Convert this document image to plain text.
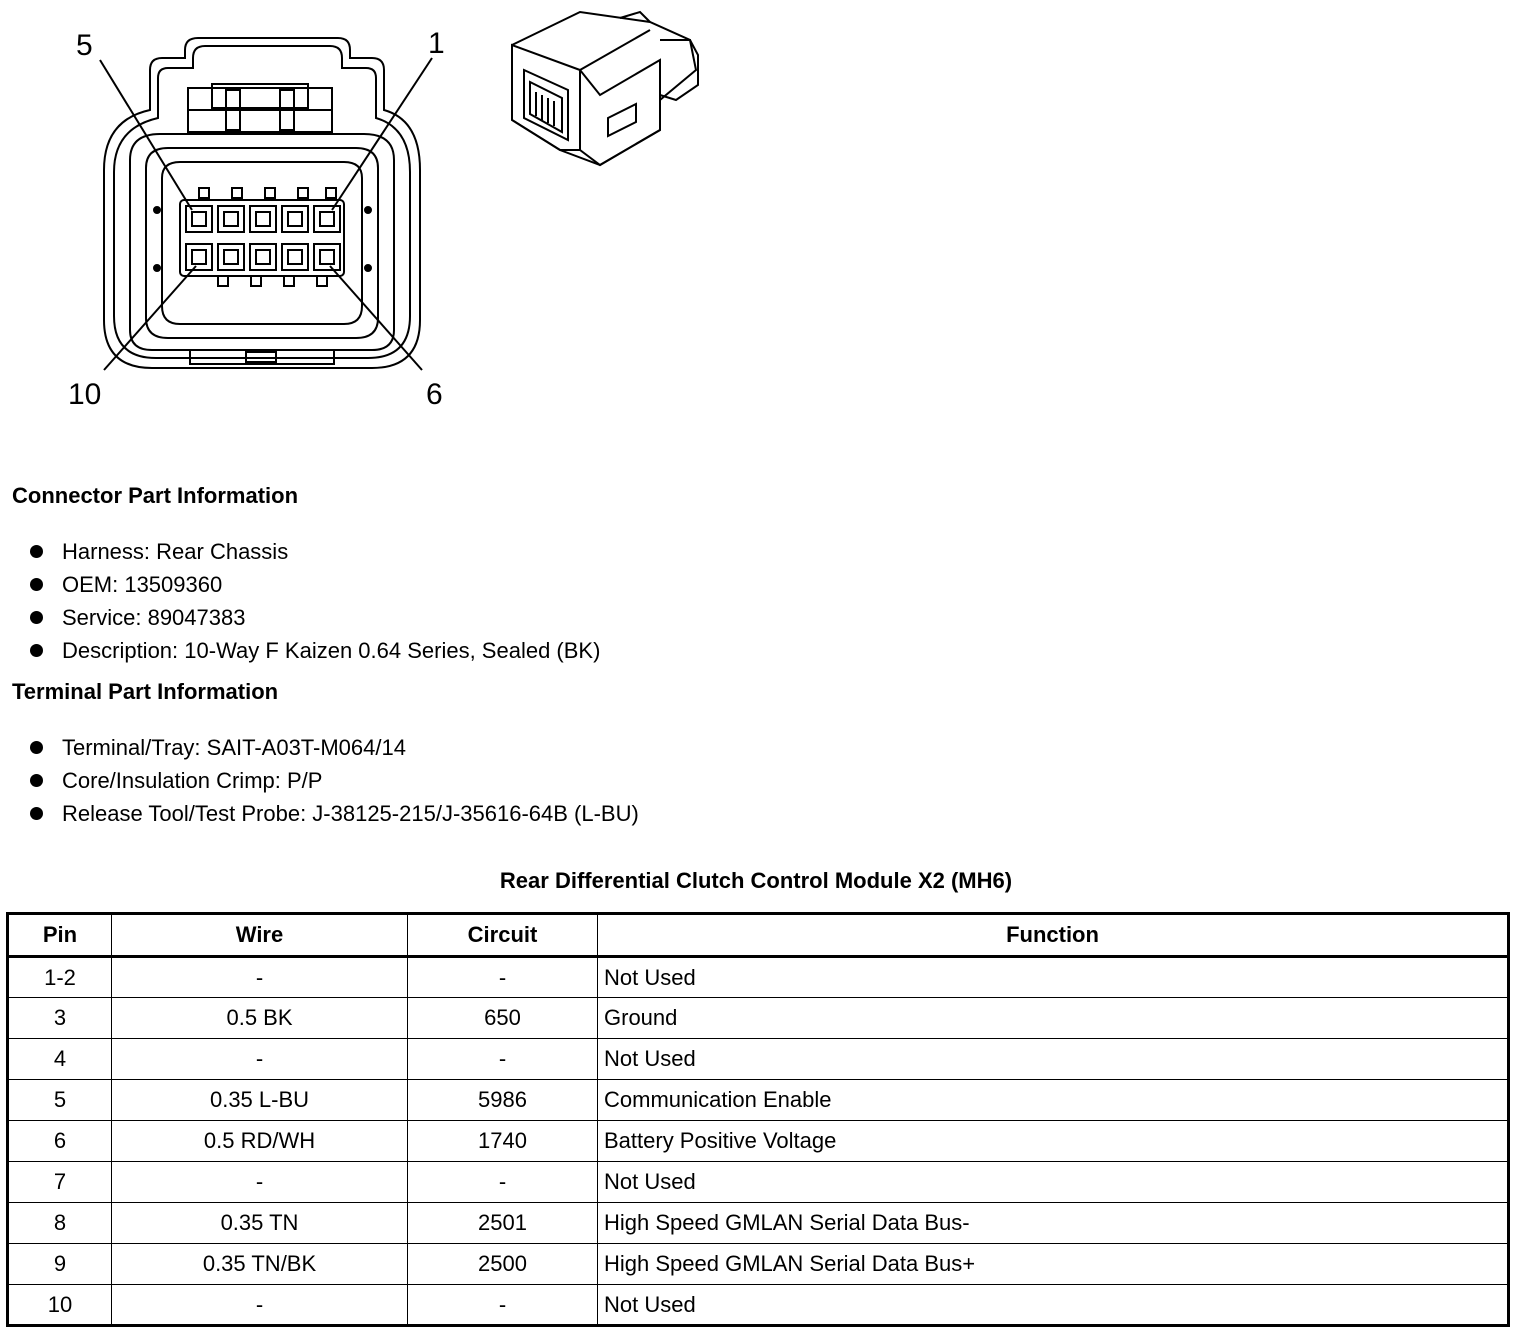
5	1
10	6
Connector Part Information
Harness: Rear Chassis
OEM: 13509360
Service: 89047383
Description: 10-Way F Kaizen 0.64 Series, Sealed (BK)
Terminal Part Information
Terminal/Tray: SAIT-A03T-M064/14
Core/Insulation Crimp: P/P
Release Tool/Test Probe: J-38125-215/J-35616-64B (L-BU)
Rear Differential Clutch Control Module X2 (MH6)
Pin	Wire	Circuit	Function
1-2	-	-	Not Used
3	0.5 BK	650	Ground
4	-	-	Not Used
5	0.35 L-BU	5986	Communication Enable
6	0.5 RD/WH	1740	Battery Positive Voltage
7	-	-	Not Used
8	0.35 TN	2501	High Speed GMLAN Serial Data Bus-
9	0.35 TN/BK	2500	High Speed GMLAN Serial Data Bus+
10	-	-	Not Used
